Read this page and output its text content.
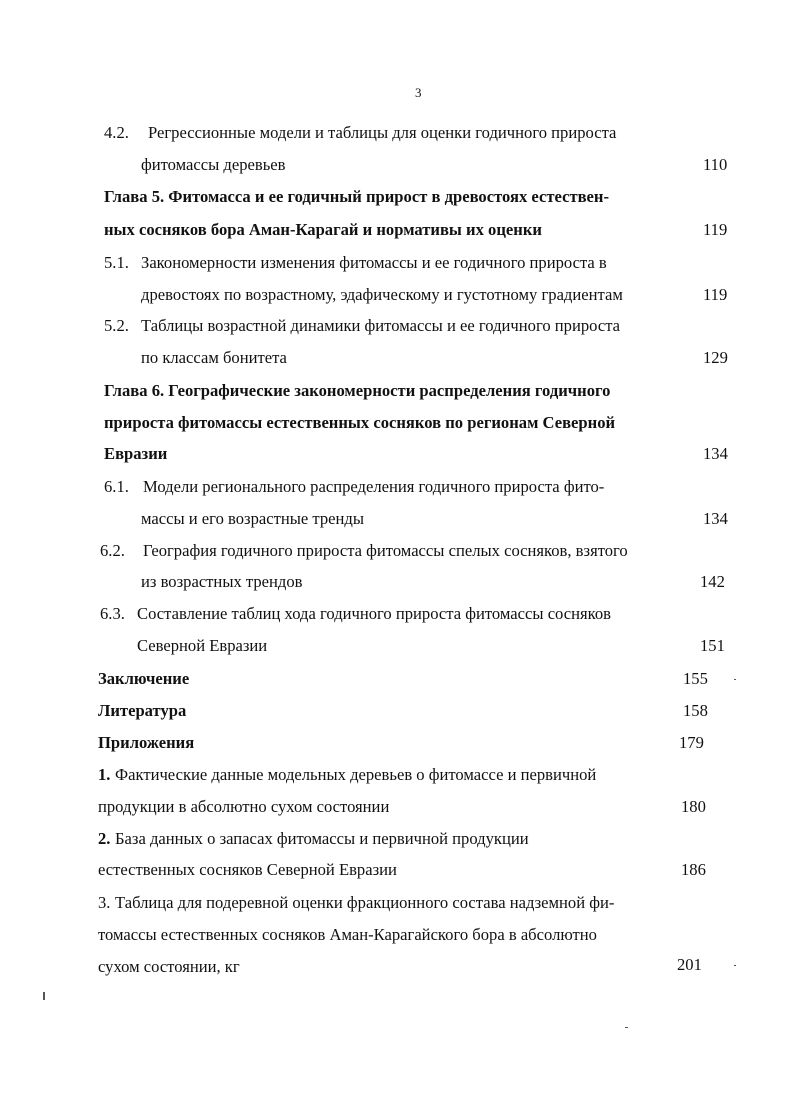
3
4.2. Регрессионные модели и таблицы для оценки годичного прироста
фитомассы деревьев	110
Глава 5. Фитомасса и ее годичный прирост в древостоях естествен-
ных сосняков бора Аман-Карагай и нормативы их оценки	119
5.1. Закономерности изменения фитомассы и ее годичного прироста в
древостоях по возрастному, эдафическому и густотному градиентам	119
5.2. Таблицы возрастной динамики фитомассы и ее годичного прироста
по классам бонитета	129
Глава 6. Географические закономерности распределения годичного
прироста фитомассы естественных сосняков по регионам Северной
Евразии	134
6.1. Модели регионального распределения годичного прироста фито-
массы и его возрастные тренды	134
6.2. География годичного прироста фитомассы спелых сосняков, взятого
из возрастных трендов	142
6.3. Составление таблиц хода годичного прироста фитомассы сосняков
Северной Евразии	151
Заключение	155
Литература	158
Приложения	179
1. Фактические данные модельных деревьев о фитомассе и первичной
продукции в абсолютно сухом состоянии	180
2. База данных о запасах фитомассы и первичной продукции
естественных сосняков Северной Евразии	186
3. Таблица для подеревной оценки фракционного состава надземной фи-
томассы естественных сосняков Аман-Карагайского бора в абсолютно
сухом состоянии, кг	201
